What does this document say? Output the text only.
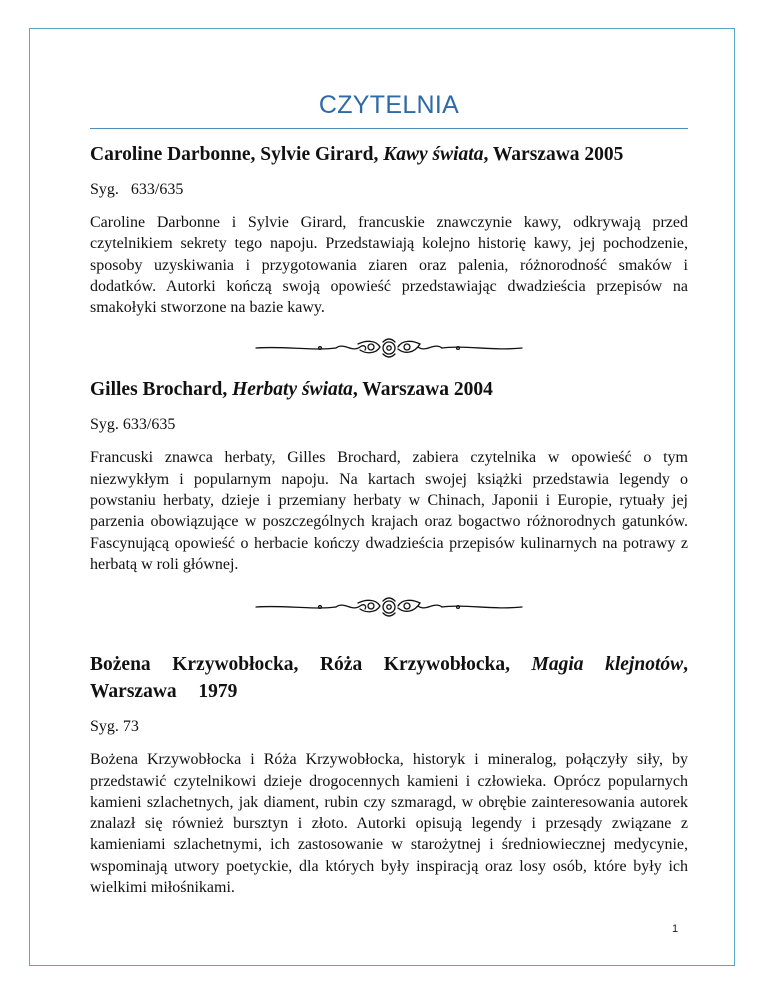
CZYTELNIA

Caroline Darbonne, Sylvie Girard, Kawy świata, Warszawa 2005

Syg.   633/635

Caroline Darbonne i Sylvie Girard, francuskie znawczynie kawy, odkrywają przed czytelnikiem sekrety tego napoju. Przedstawiają kolejno historię kawy, jej pochodzenie, sposoby uzyskiwania i przygotowania ziaren oraz palenia, różnorodność smaków i dodatków. Autorki kończą swoją opowieść przedstawiając dwadzieścia przepisów na smakołyki stworzone na bazie kawy.

Gilles Brochard, Herbaty świata, Warszawa 2004

Syg. 633/635

Francuski znawca herbaty, Gilles Brochard, zabiera czytelnika w opowieść o tym niezwykłym i popularnym napoju. Na kartach swojej książki przedstawia legendy o powstaniu herbaty, dzieje i przemiany herbaty w Chinach, Japonii i Europie, rytuały jej parzenia obowiązujące w poszczególnych krajach oraz bogactwo różnorodnych gatunków. Fascynującą opowieść o herbacie kończy dwadzieścia przepisów kulinarnych na potrawy z herbatą w roli głównej.

Bożena Krzywobłocka, Róża Krzywobłocka, Magia klejnotów, Warszawa  1979

Syg. 73

Bożena Krzywobłocka i Róża Krzywobłocka, historyk i mineralog, połączyły siły, by przedstawić czytelnikowi dzieje drogocennych kamieni i człowieka. Oprócz popularnych kamieni szlachetnych, jak diament, rubin czy szmaragd, w obrębie zainteresowania autorek znalazł się również bursztyn i złoto. Autorki opisują legendy i przesądy związane z kamieniami szlachetnymi, ich zastosowanie w starożytnej i średniowiecznej medycynie, wspominają utwory poetyckie, dla których były inspiracją oraz losy osób, które były ich wielkimi miłośnikami.

1
